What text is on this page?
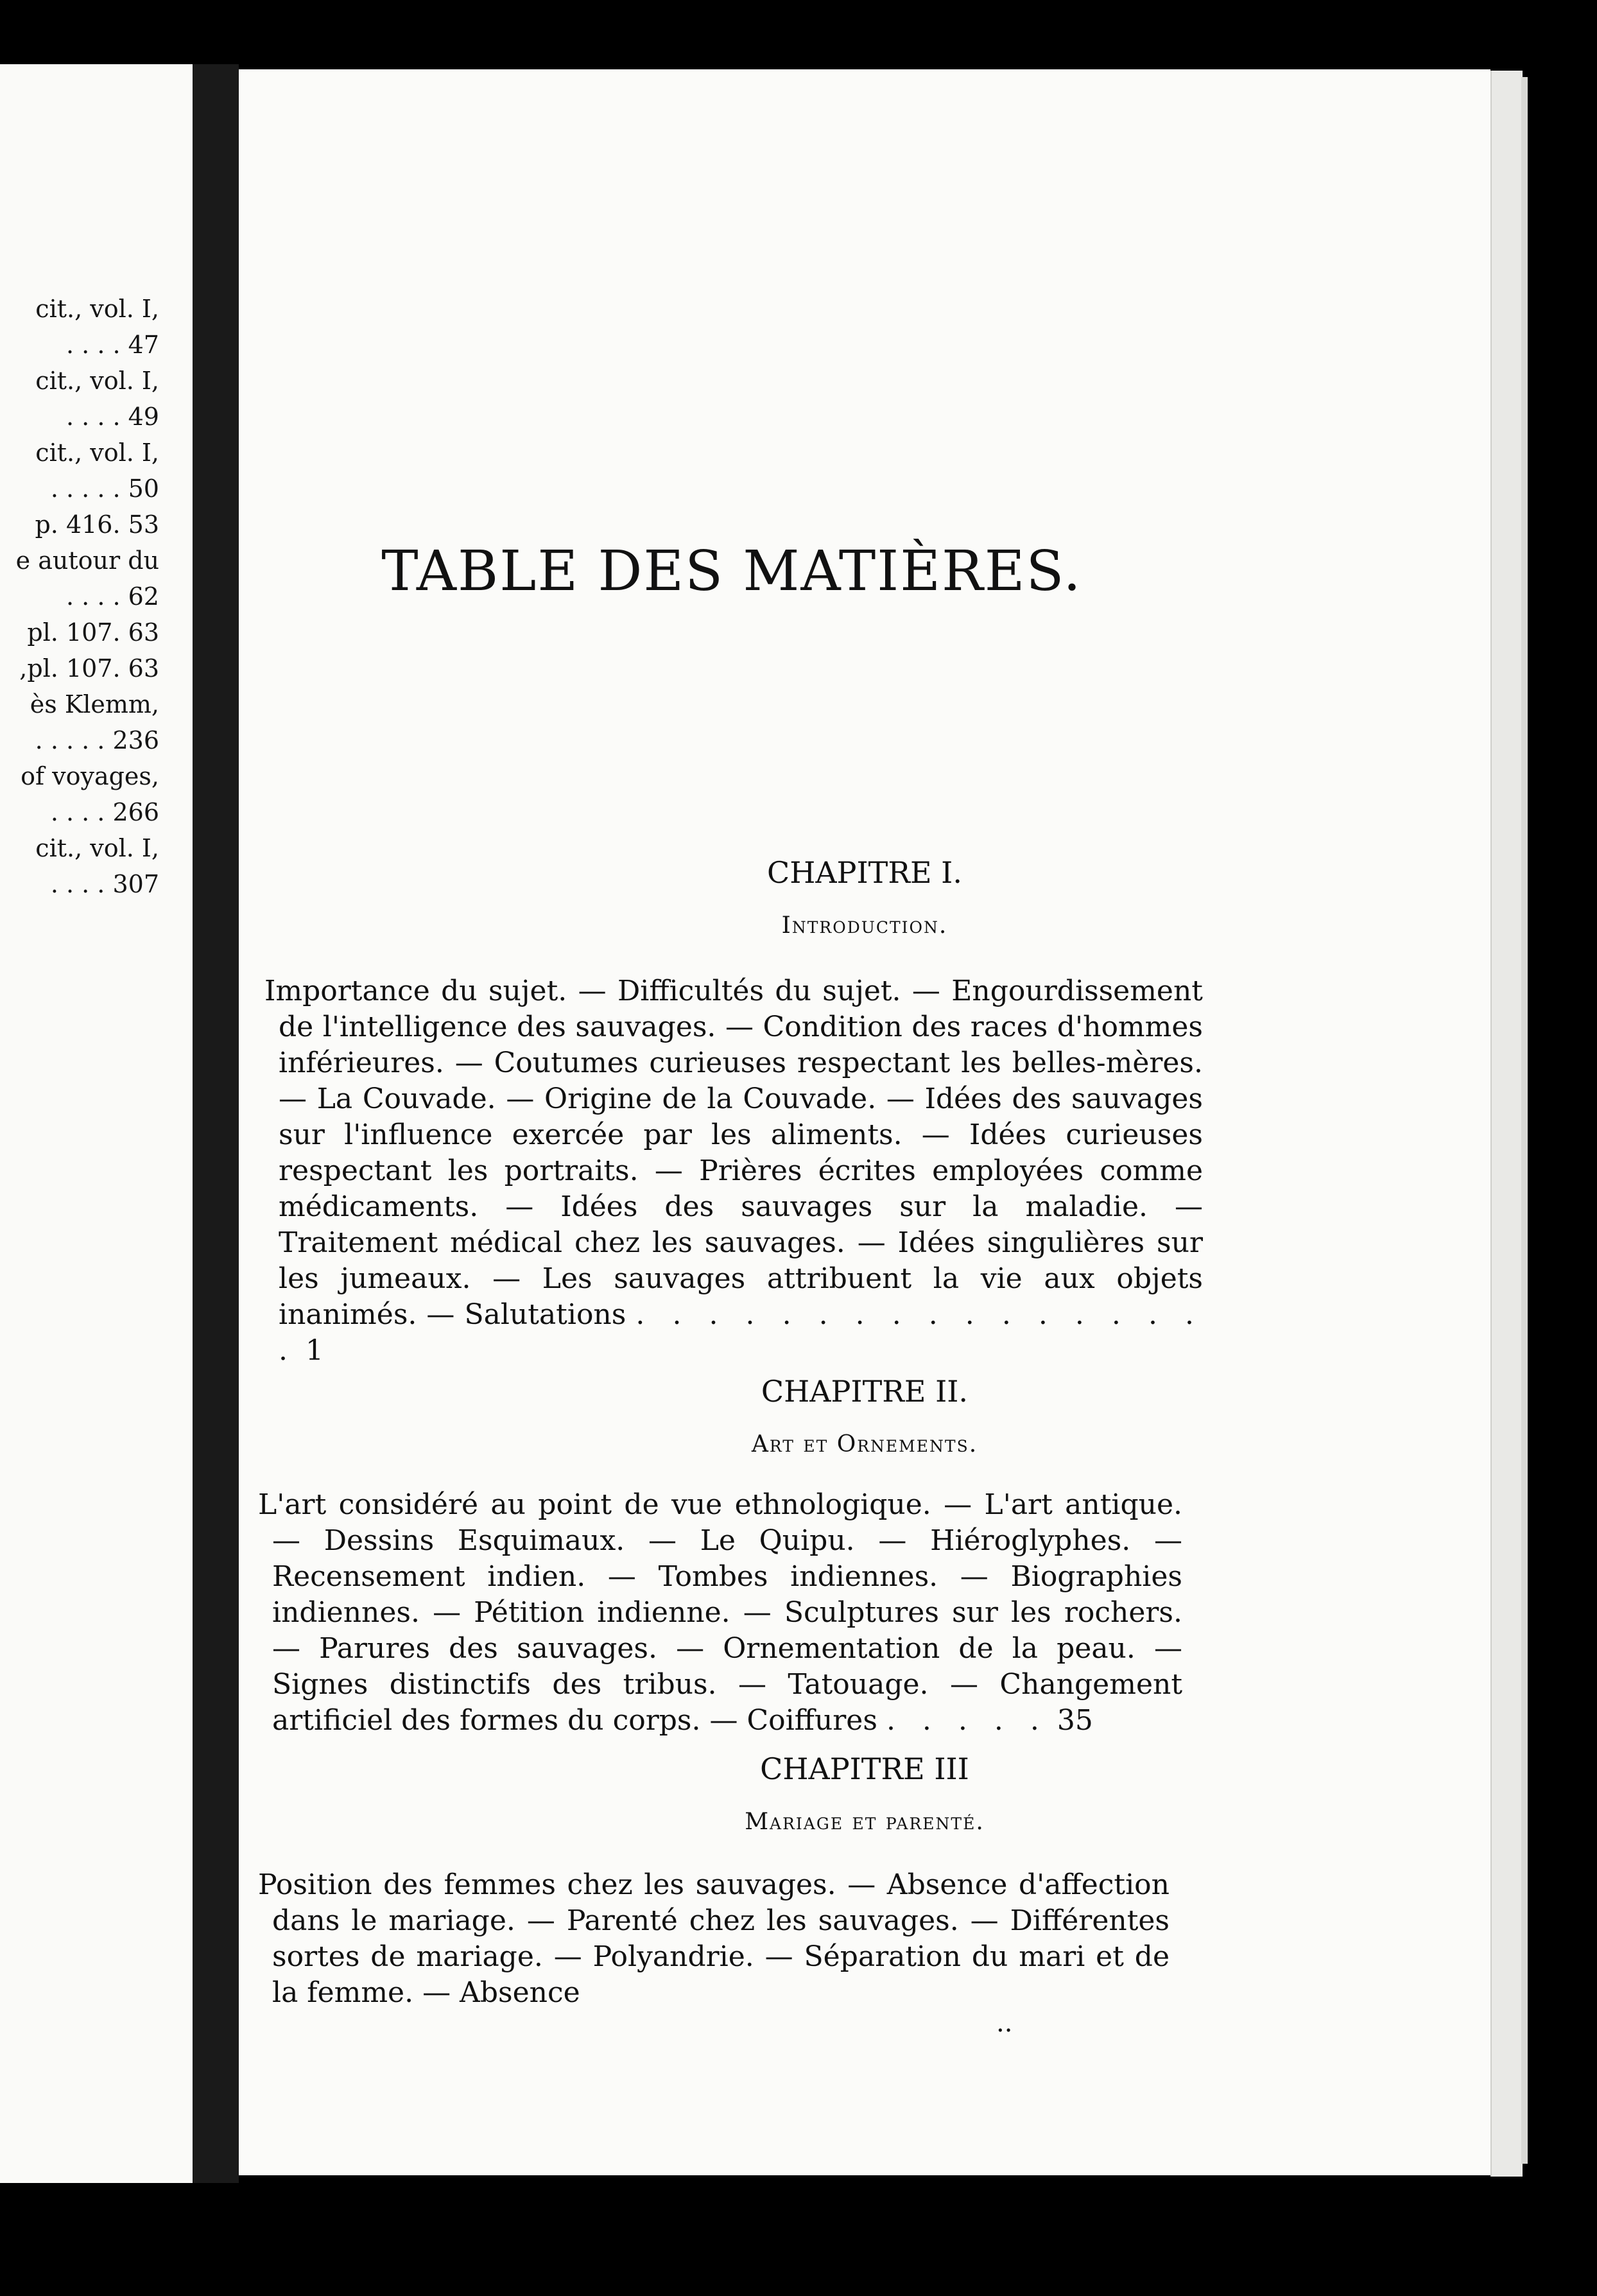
cit., vol. I,
. . . . 47
cit., vol. I,
. . . . 49
cit., vol. I,
. . . . . 50
p. 416. 53
e autour du
. . . . 62
pl. 107. 63
,pl. 107. 63
ès Klemm,
. . . . . 236
of voyages,
. . . . 266
cit., vol. I,
. . . . 307	CHAPITRE I.
Introduction.

Importance du sujet. — Difficultés du sujet. — Engourdissement de l'intelligence des sauvages. — Condition des races d'hommes inférieures. — Coutumes curieuses respectant les belles-mères. — La Couvade. — Origine de la Couvade. — Idées des sauvages sur l'influence exercée par les aliments. — Idées curieuses respectant les portraits. — Prières écrites employées comme médicaments. — Idées des sauvages sur la maladie. — Traitement médical chez les sauvages. — Idées singulières sur les jumeaux. — Les sauvages attribuent la vie aux objets inanimés. — Salutations . . . . . . . . . . . . . . . . . 1

CHAPITRE II.
Art et Ornements.

L'art considéré au point de vue ethnologique. — L'art antique. — Dessins Esquimaux. — Le Quipu. — Hiéroglyphes. — Recensement indien. — Tombes indiennes. — Biographies indiennes. — Pétition indienne. — Sculptures sur les rochers. — Parures des sauvages. — Ornementation de la peau. — Signes distinctifs des tribus. — Tatouage. — Changement artificiel des formes du corps. — Coiffures . . . . . 35

CHAPITRE III
Mariage et parenté.

Position des femmes chez les sauvages. — Absence d'affection dans le mariage. — Parenté chez les sauvages. — Différentes sortes de mariage. — Polyandrie. — Séparation du mari et de la femme. — Absence

..
TABLE DES MATIÈRES.
